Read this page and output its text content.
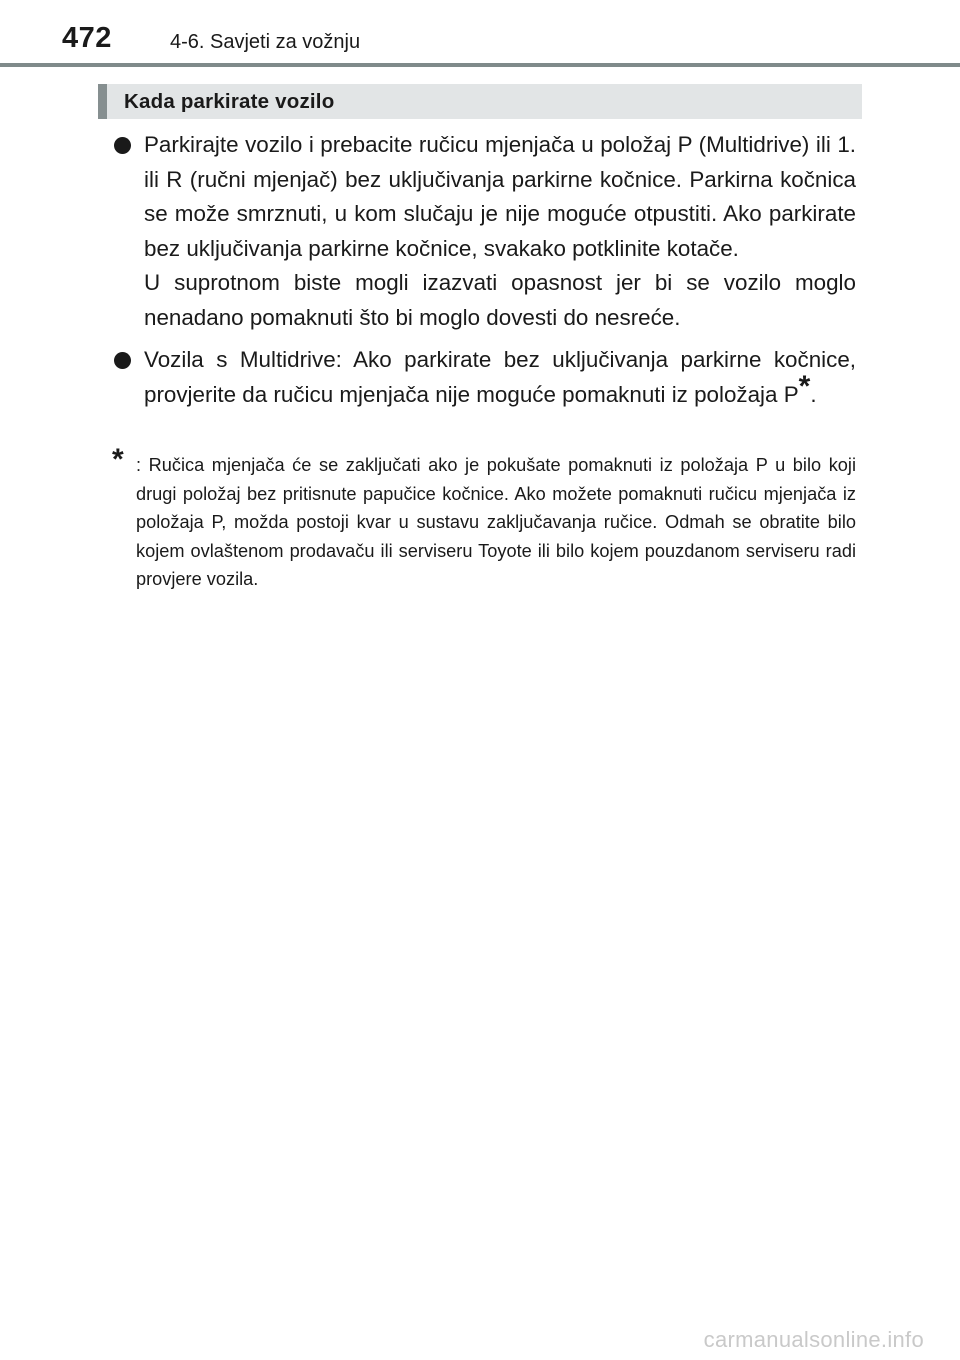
472	4-6. Savjeti za vožnju
Kada parkirate vozilo

Parkirajte vozilo i prebacite ručicu mjenjača u položaj P (Multidrive) ili 1. ili R (ručni mjenjač) bez uključivanja parkirne kočnice. Parkirna kočnica se može smrznuti, u kom slučaju je nije moguće otpustiti. Ako parkirate bez uključivanja parkirne kočnice, svakako potklinite kotače.

U suprotnom biste mogli izazvati opasnost jer bi se vozilo moglo nenadano pomaknuti što bi moglo dovesti do nesreće.

Vozila s Multidrive: Ako parkirate bez uključivanja parkirne kočnice, provjerite da ručicu mjenjača nije moguće pomaknuti iz položaja P*.

* : Ručica mjenjača će se zaključati ako je pokušate pomaknuti iz položaja P u bilo koji drugi položaj bez pritisnute papučice kočnice. Ako možete pomaknuti ručicu mjenjača iz položaja P, možda postoji kvar u sustavu zaključavanja ručice. Odmah se obratite bilo kojem ovlaštenom prodavaču ili serviseru Toyote ili bilo kojem pouzdanom serviseru radi provjere vozila.
carmanualsonline.info
